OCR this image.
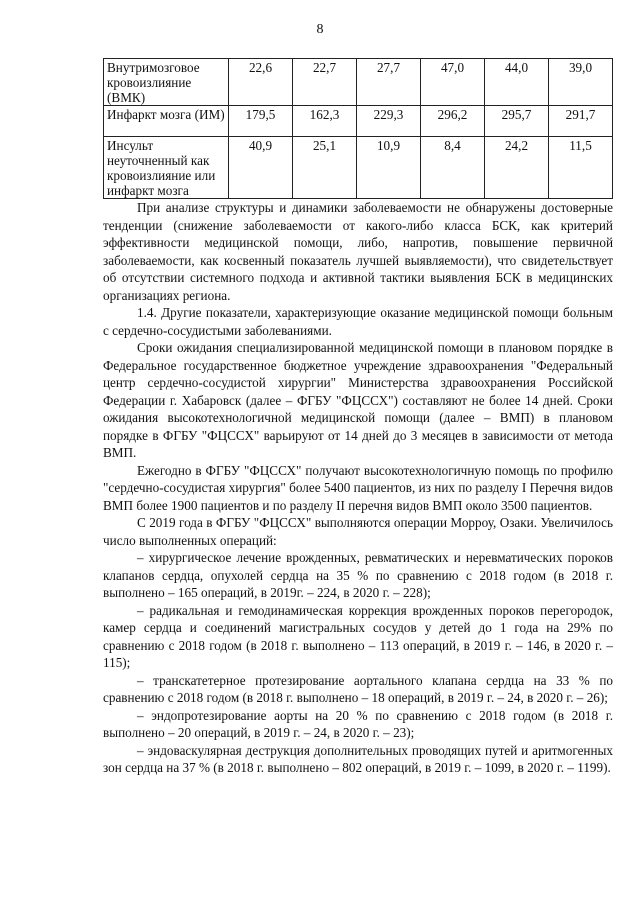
8
Внутримозговое кровоизлияние (ВМК)	22,6	22,7	27,7	47,0	44,0	39,0
Инфаркт мозга (ИМ)	179,5	162,3	229,3	296,2	295,7	291,7
Инсульт неуточненный как кровоизлияние или инфаркт мозга	40,9	25,1	10,9	8,4	24,2	11,5

При анализе структуры и динамики заболеваемости не обнаружены достоверные тенденции (снижение заболеваемости от какого-либо класса БСК, как критерий эффективности медицинской помощи, либо, напротив, повышение первичной заболеваемости, как косвенный показатель лучшей выявляемости), что свидетельствует об отсутствии системного подхода и активной тактики выявления БСК в медицинских организациях региона.

1.4. Другие показатели, характеризующие оказание медицинской помощи больным с сердечно-сосудистыми заболеваниями.

Сроки ожидания специализированной медицинской помощи в плановом порядке в Федеральное государственное бюджетное учреждение здравоохранения "Федеральный центр сердечно-сосудистой хирургии" Министерства здравоохранения Российской Федерации г. Хабаровск (далее – ФГБУ "ФЦССХ") составляют не более 14 дней. Сроки ожидания высокотехнологичной медицинской помощи (далее – ВМП) в плановом порядке в ФГБУ "ФЦССХ" варьируют от 14 дней до 3 месяцев в зависимости от метода ВМП.

Ежегодно в ФГБУ "ФЦССХ" получают высокотехнологичную помощь по профилю "сердечно-сосудистая хирургия" более 5400 пациентов, из них по разделу I Перечня видов ВМП более 1900 пациентов и по разделу II перечня видов ВМП около 3500 пациентов.

С 2019 года в ФГБУ "ФЦССХ" выполняются операции Морроу, Озаки. Увеличилось число выполненных операций:

– хирургическое лечение врожденных, ревматических и неревматических пороков клапанов сердца, опухолей сердца на 35 % по сравнению с 2018 годом (в 2018 г. выполнено – 165 операций, в 2019г. – 224, в 2020 г. – 228);

– радикальная и гемодинамическая коррекция врожденных пороков перегородок, камер сердца и соединений магистральных сосудов у детей до 1 года на 29% по сравнению с 2018 годом (в 2018 г. выполнено – 113 операций, в 2019 г. – 146, в 2020 г. – 115);

– транскатетерное протезирование аортального клапана сердца на 33 % по сравнению с 2018 годом (в 2018 г. выполнено – 18 операций, в 2019 г. – 24, в 2020 г. – 26);

– эндопротезирование аорты на 20 % по сравнению с 2018 годом (в 2018 г. выполнено – 20 операций, в 2019 г. – 24, в 2020 г. – 23);

– эндоваскулярная деструкция дополнительных проводящих путей и аритмогенных зон сердца на 37 % (в 2018 г. выполнено – 802 операций, в 2019 г. – 1099, в 2020 г. – 1199).
